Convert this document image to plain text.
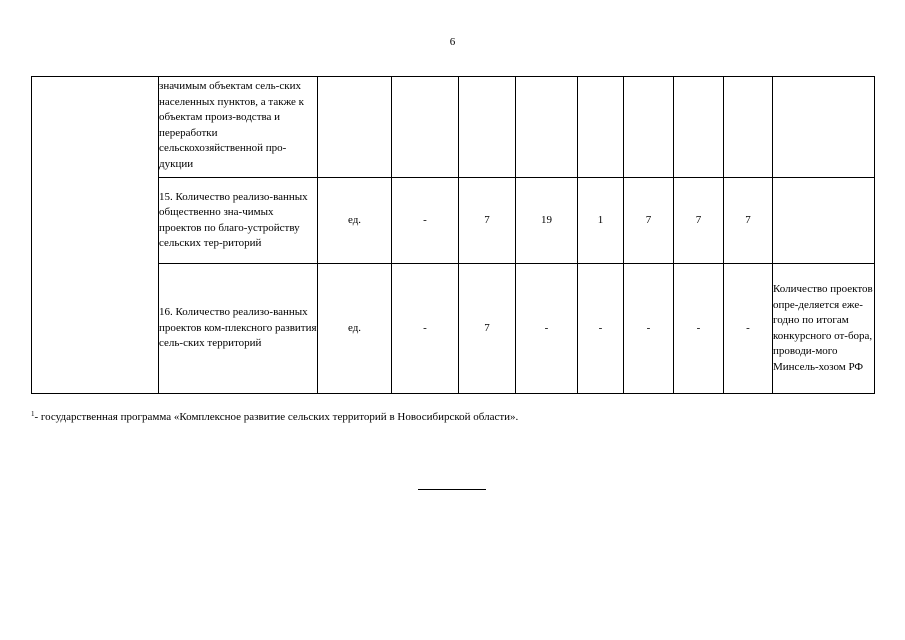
6
	значимым объектам сель-ских населенных пунктов, а также к объектам произ-водства и переработки сельскохозяйственной про-дукции									
	15. Количество реализо-ванных общественно зна-чимых проектов по благо-устройству сельских тер-риторий	ед.	-	7	19	1	7	7	7	
	16. Количество реализо-ванных проектов ком-плексного развития сель-ских территорий	ед.	-	7	-	-	-	-	-	Количество проектов опре-деляется еже-годно по итогам конкурсного от-бора, проводи-мого Минсель-хозом РФ
$^1$- государственная программа «Комплексное развитие сельских территорий в Новосибирской области».
